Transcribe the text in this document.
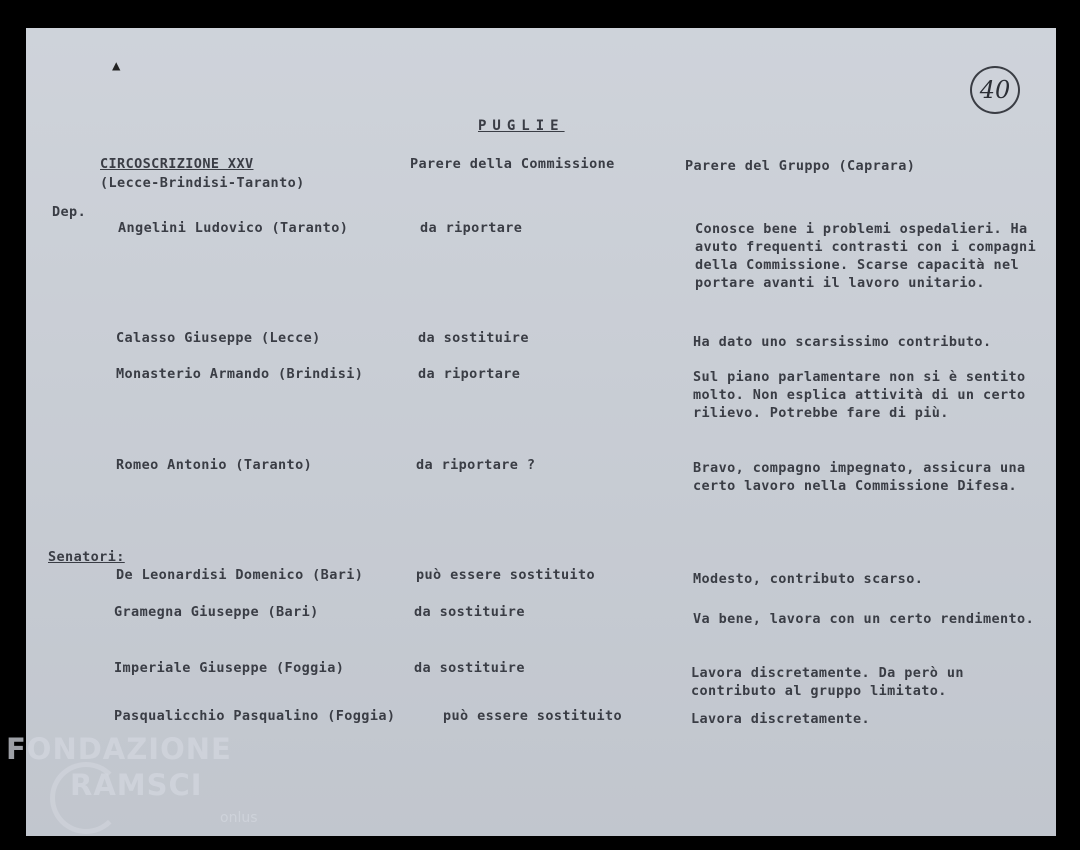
▲
40
PUGLIE
CIRCOSCRIZIONE XXV
(Lecce-Brindisi-Taranto)
Parere della Commissione	Parere del Gruppo (Caprara)
Dep.
Angelini Ludovico (Taranto)	da riportare	Conosce bene i problemi ospedalieri. Ha avuto frequenti contrasti con i compagni della Commissione. Scarse capacità nel portare avanti il lavoro unitario.
Calasso Giuseppe (Lecce)	da sostituire	Ha dato uno scarsissimo contributo.
Monasterio Armando (Brindisi)	da riportare	Sul piano parlamentare non si è sentito molto. Non esplica attività di un certo rilievo. Potrebbe fare di più.
Romeo Antonio (Taranto)	da riportare ?	Bravo, compagno impegnato, assicura una certo lavoro nella Commissione Difesa.
Senatori:
De Leonardisi Domenico (Bari)	può essere sostituito	Modesto, contributo scarso.
Gramegna Giuseppe (Bari)	da sostituire	Va bene, lavora con un certo rendimento.
Imperiale Giuseppe (Foggia)	da sostituire	Lavora discretamente. Da però un contributo al gruppo limitato.
Pasqualicchio Pasqualino (Foggia)	può essere sostituito	Lavora discretamente.
FONDAZIONE
RAMSCI
onlus
